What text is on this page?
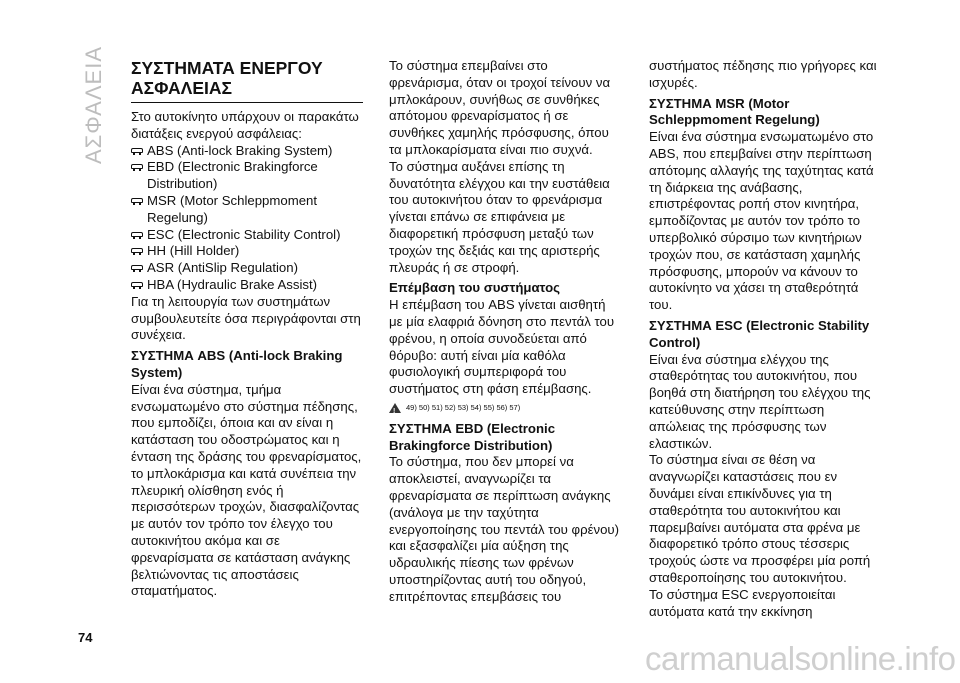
ΑΣΦΑΛΕΙΑ ΣΥΣΤΗΜΑΤΑ ΕΝΕΡΓΟΥ
ΑΣΦΑΛΕΙΑΣ

Στο αυτοκίνητο υπάρχουν οι παρακάτω διατάξεις ενεργού ασφάλειας:

ABS (Anti-lock Braking System)
EBD (Electronic Brakingforce Distribution)
MSR (Motor Schleppmoment Regelung)
ESC (Electronic Stability Control)
HH (Hill Holder)
ASR (AntiSlip Regulation)
HBA (Hydraulic Brake Assist)

Για τη λειτουργία των συστημάτων συμβουλευτείτε όσα περιγράφονται στη συνέχεια.

ΣΥΣΤΗΜΑ ABS (Anti-lock Braking System)

Είναι ένα σύστημα, τμήμα ενσωματωμένο στο σύστημα πέδησης, που εμποδίζει, όποια και αν είναι η κατάσταση του οδοστρώματος και η ένταση της δράσης του φρεναρίσματος, το μπλοκάρισμα και κατά συνέπεια την πλευρική ολίσθηση ενός ή περισσότερων τροχών, διασφαλίζοντας με αυτόν τον τρόπο τον έλεγχο του αυτοκινήτου ακόμα και σε φρεναρίσματα σε κατάσταση ανάγκης βελτιώνοντας τις αποστάσεις σταματήματος.

Το σύστημα επεμβαίνει στο φρενάρισμα, όταν οι τροχοί τείνουν να μπλοκάρουν, συνήθως σε συνθήκες απότομου φρεναρίσματος ή σε συνθήκες χαμηλής πρόσφυσης, όπου τα μπλοκαρίσματα είναι πιο συχνά.

Το σύστημα αυξάνει επίσης τη δυνατότητα ελέγχου και την ευστάθεια του αυτοκινήτου όταν το φρενάρισμα γίνεται επάνω σε επιφάνεια με διαφορετική πρόσφυση μεταξύ των τροχών της δεξιάς και της αριστερής πλευράς ή σε στροφή.

Επέμβαση του συστήματος

Η επέμβαση του ABS γίνεται αισθητή με μία ελαφριά δόνηση στο πεντάλ του φρένου, η οποία συνοδεύεται από θόρυβο: αυτή είναι μία καθόλα φυσιολογική συμπεριφορά του συστήματος στη φάση επέμβασης.

!
49) 50) 51) 52) 53) 54) 55) 56) 57)

ΣΥΣΤΗΜΑ EBD (Electronic Brakingforce Distribution)

Το σύστημα, που δεν μπορεί να αποκλειστεί, αναγνωρίζει τα φρεναρίσματα σε περίπτωση ανάγκης (ανάλογα με την ταχύτητα ενεργοποίησης του πεντάλ του φρένου) και εξασφαλίζει μία αύξηση της υδραυλικής πίεσης των φρένων υποστηρίζοντας αυτή του οδηγού, επιτρέποντας επεμβάσεις του

συστήματος πέδησης πιο γρήγορες και ισχυρές.

ΣΥΣΤΗΜΑ MSR (Motor Schleppmoment Regelung)

Είναι ένα σύστημα ενσωματωμένο στο ABS, που επεμβαίνει στην περίπτωση απότομης αλλαγής της ταχύτητας κατά τη διάρκεια της ανάβασης, επιστρέφοντας ροπή στον κινητήρα, εμποδίζοντας με αυτόν τον τρόπο το υπερβολικό σύρσιμο των κινητήριων τροχών που, σε κατάσταση χαμηλής πρόσφυσης, μπορούν να κάνουν το αυτοκίνητο να χάσει τη σταθερότητά του.

ΣΥΣΤΗΜΑ ESC (Electronic Stability Control)

Είναι ένα σύστημα ελέγχου της σταθερότητας του αυτοκινήτου, που βοηθά στη διατήρηση του ελέγχου της κατεύθυνσης στην περίπτωση απώλειας της πρόσφυσης των ελαστικών.

Το σύστημα είναι σε θέση να αναγνωρίζει καταστάσεις που εν δυνάμει είναι επικίνδυνες για τη σταθερότητα του αυτοκινήτου και παρεμβαίνει αυτόματα στα φρένα με διαφορετικό τρόπο στους τέσσερις τροχούς ώστε να προσφέρει μία ροπή σταθεροποίησης του αυτοκινήτου.

Το σύστημα ESC ενεργοποιείται αυτόματα κατά την εκκίνηση

74
carmanualsonline.info
